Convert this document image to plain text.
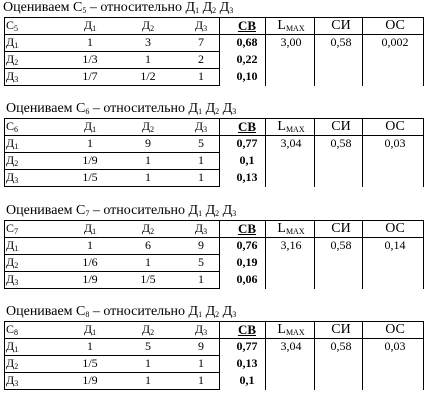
Оцениваем $С_5$ – относительно $Д_1$ $Д_2$ $Д_3$
$С_5$	$Д_1$	$Д_2$	$Д_3$	СВ	$L_{MAX}$	СИ	ОС
$Д_1$	1	3	7	0,68	3,00	0,58	0,002
$Д_2$	1/3	1	2	0,22
$Д_3$	1/7	1/2	1	0,10
Оцениваем $С_6$ – относительно $Д_1$ $Д_2$ $Д_3$
$С_6$	$Д_1$	$Д_2$	$Д_3$	СВ	$L_{MAX}$	СИ	ОС
$Д_1$	1	9	5	0,77	3,04	0,58	0,03
$Д_2$	1/9	1	1	0,1
$Д_3$	1/5	1	1	0,13
Оцениваем $С_7$ – относительно $Д_1$ $Д_2$ $Д_3$
$С_7$	$Д_1$	$Д_2$	$Д_3$	СВ	$L_{MAX}$	СИ	ОС
$Д_1$	1	6	9	0,76	3,16	0,58	0,14
$Д_2$	1/6	1	5	0,19
$Д_3$	1/9	1/5	1	0,06
Оцениваем $С_8$ – относительно $Д_1$ $Д_2$ $Д_3$
$С_8$	$Д_1$	$Д_2$	$Д_3$	СВ	$L_{MAX}$	СИ	ОС
$Д_1$	1	5	9	0,77	3,04	0,58	0,03
$Д_2$	1/5	1	1	0,13
$Д_3$	1/9	1	1	0,1
